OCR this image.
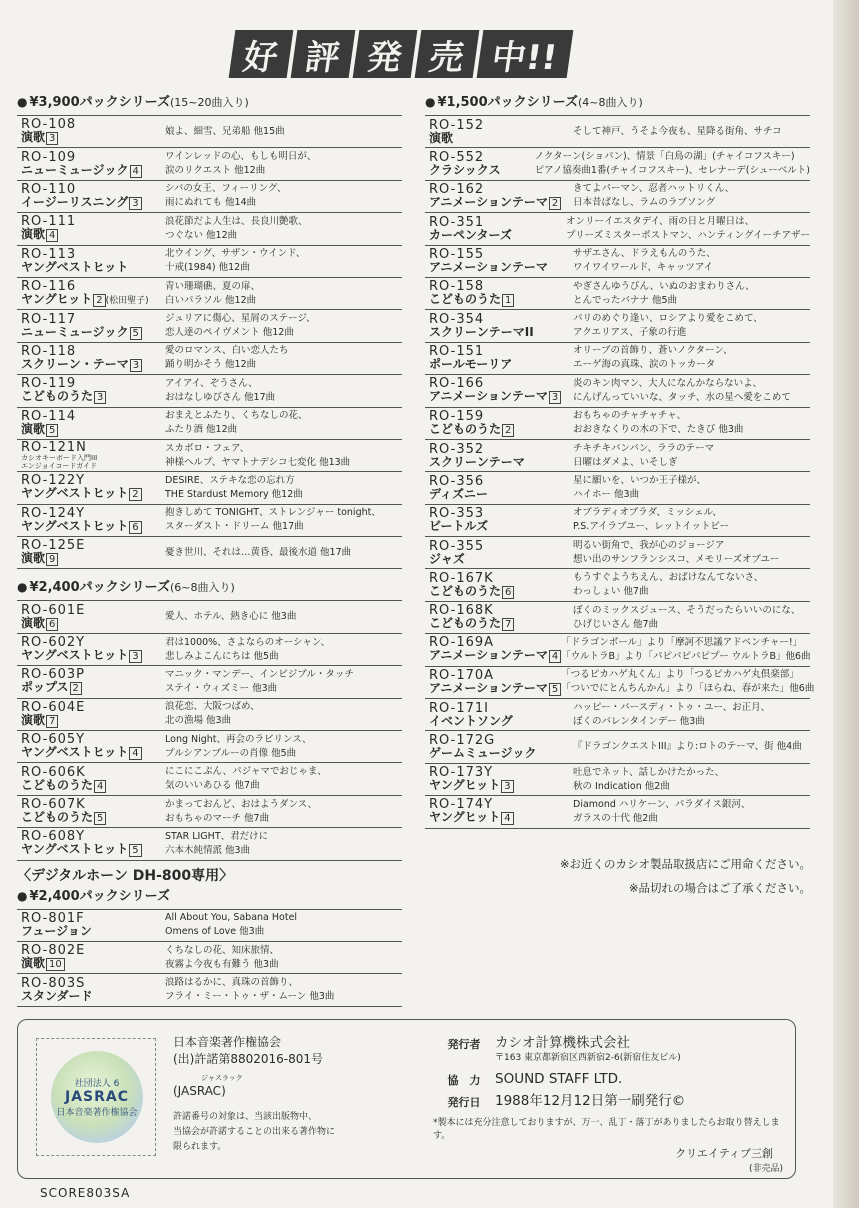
好 評 発 売 中!!
● ¥3,900パックシリーズ(15~20曲入り)
RO-108
演歌 3
娘よ、細雪、兄弟船 他15曲
RO-109
ニューミュージック 4
ワインレッドの心、もしも明日が、
涙のリクエスト 他12曲
RO-110
イージーリスニング 3
シバの女王、フィーリング、
雨にぬれても 他14曲
RO-111
演歌 4
浪花節だよ人生は、長良川艶歌、
つぐない 他12曲
RO-113
ヤングベストヒット
北ウイング、サザン・ウインド、
十戒(1984) 他12曲
RO-116
ヤングヒット 2 (松田聖子)
青い珊瑚礁、夏の扉、
白いパラソル 他12曲
RO-117
ニューミュージック 5
ジュリアに傷心、星屑のステージ、
恋人達のペイヴメント 他12曲
RO-118
スクリーン・テーマ 3
愛のロマンス、白い恋人たち
踊り明かそう 他12曲
RO-119
こどものうた 3
アイアイ、ぞうさん、
おはなしゆびさん 他17曲
RO-114
演歌 5
おまえとふたり、くちなしの花、
ふたり酒 他12曲
RO-121N
カシオキーボード入門III
エンジョイコードガイド
スカボロ・フェア、
神様ヘルプ、ヤマトナデシコ七変化 他13曲
RO-122Y
ヤングベストヒット 2
DESIRE、ステキな恋の忘れ方
THE Stardust Memory 他12曲
RO-124Y
ヤングベストヒット 6
抱きしめて TONIGHT、ストレンジャー tonight、
スターダスト・ドリーム 他17曲
RO-125E
演歌 9
憂き世川、それは…黄昏、最後水道 他17曲
● ¥2,400パックシリーズ(6~8曲入り)
RO-601E
演歌 6
愛人、ホテル、熱き心に 他3曲
RO-602Y
ヤングベストヒット 3
君は1000%、さよならのオーシャン、
悲しみよこんにちは 他5曲
RO-603P
ポップス 2
マニック・マンデー、インビジブル・タッチ
ステイ・ウィズミー 他3曲
RO-604E
演歌 7
浪花恋、大阪つばめ、
北の漁場 他3曲
RO-605Y
ヤングベストヒット 4
Long Night、再会のラビリンス、
プルシアンブルーの肖像 他5曲
RO-606K
こどものうた 4
にこにこぷん、パジャマでおじゃま、
気のいいあひる 他7曲
RO-607K
こどものうた 5
かまっておんど、おはようダンス、
おもちゃのマーチ 他7曲
RO-608Y
ヤングベストヒット 5
STAR LIGHT、君だけに
六本木純情派 他3曲
〈デジタルホーン DH-800専用〉
● ¥2,400パックシリーズ
RO-801F
フュージョン
All About You, Sabana Hotel
Omens of Love 他3曲
RO-802E
演歌 10
くちなしの花、知床旅情、
夜霧よ今夜も有難う 他3曲
RO-803S
スタンダード
浪路はるかに、真珠の首飾り、
フライ・ミー・トゥ・ザ・ムーン 他3曲
● ¥1,500パックシリーズ(4~8曲入り)
RO-152
演歌	そして神戸、うそよ今夜も、星降る街角、サチコ
RO-552
クラシックス
ノクターン(ショパン)、情景「白鳥の湖」(チャイコフスキー)
ピアノ協奏曲1番(チャイコフスキー)、セレナーデ(シューベルト)
RO-162
アニメーションテーマ 2
きてよパーマン、忍者ハットリくん、
日本昔ばなし、ラムのラブソング
RO-351
カーペンターズ
オンリーイエスタデイ、雨の日と月曜日は、
プリーズミスターポストマン、ハンティングイーチアザー
RO-155
アニメーションテーマ
サザエさん、ドラえもんのうた、
ワイワイワールド、キャッツアイ
RO-158
こどものうた 1
やぎさんゆうびん、いぬのおまわりさん、
とんでったバナナ 他5曲
RO-354
スクリーンテーマII
パリのめぐり逢い、ロシアより愛をこめて、
アクエリアス、子象の行進
RO-151
ポールモーリア
オリーブの首飾り、蒼いノクターン、
エーゲ海の真珠、涙のトッカータ
RO-166
アニメーションテーマ 3
炎のキン肉マン、大人になんかならないよ、
にんげんっていいな、タッチ、水の星へ愛をこめて
RO-159
こどものうた 2
おもちゃのチャチャチャ、
おおきなくりの木の下で、たきび 他3曲
RO-352
スクリーンテーマ
チキチキバンバン、ララのテーマ
日曜はダメよ、いそしぎ
RO-356
ディズニー
星に願いを、いつか王子様が、
ハイホー 他3曲
RO-353
ビートルズ
オブラディオブラダ、ミッシェル、
P.S.アイラブユー、レットイットビー
RO-355
ジャズ
明るい街角で、我が心のジョージア
想い出のサンフランシスコ、メモリーズオブユー
RO-167K
こどものうた 6
もうすぐようちえん、おばけなんてないさ、
わっしょい 他7曲
RO-168K
こどものうた 7
ぼくのミックスジュース、そうだったらいいのにな、
ひげじいさん 他7曲
RO-169A
アニメーションテーマ 4
「ドラゴンボール」より「摩訶不思議アドベンチャー!」
「ウルトラB」より「パピパピパピプー ウルトラB」他6曲
RO-170A
アニメーションテーマ 5
「つるピカハゲ丸くん」より「つるピカハゲ丸倶楽部」
「ついでにとんちんかん」より「ほらね、春が来た」他6曲
RO-171I
イベントソング
ハッピー・バースディ・トゥ・ユー、お正月、
ぼくのバレンタインデー 他3曲
RO-172G
ゲームミュージック	『ドラゴンクエストIII』より:ロトのテーマ、街 他4曲
RO-173Y
ヤングヒット 3
吐息でネット、話しかけたかった、
秋の Indication 他2曲
RO-174Y
ヤングヒット 4
Diamond ハリケーン、パラダイス銀河、
ガラスの十代 他2曲
※お近くのカシオ製品取扱店にご用命ください。
※品切れの場合はご了承ください。
社団法人 6
JASRAC
日本音楽著作権協会
日本音楽著作権協会
(出)許諾第8802016-801号
ジャスラック
(JASRAC)
許諾番号の対象は、当該出版物中、
当協会が許諾することの出来る著作物に
限られます。
発行者	カシオ計算機株式会社
〒163 東京都新宿区西新宿2-6(新宿住友ビル)
協　力	SOUND STAFF LTD.
発行日	1988年12月12日第一刷発行©
*製本には充分注意しておりますが、万一、乱丁・落丁がありましたらお取り替えします。
クリエイティブ三創
(非売品)
SCORE803SA
